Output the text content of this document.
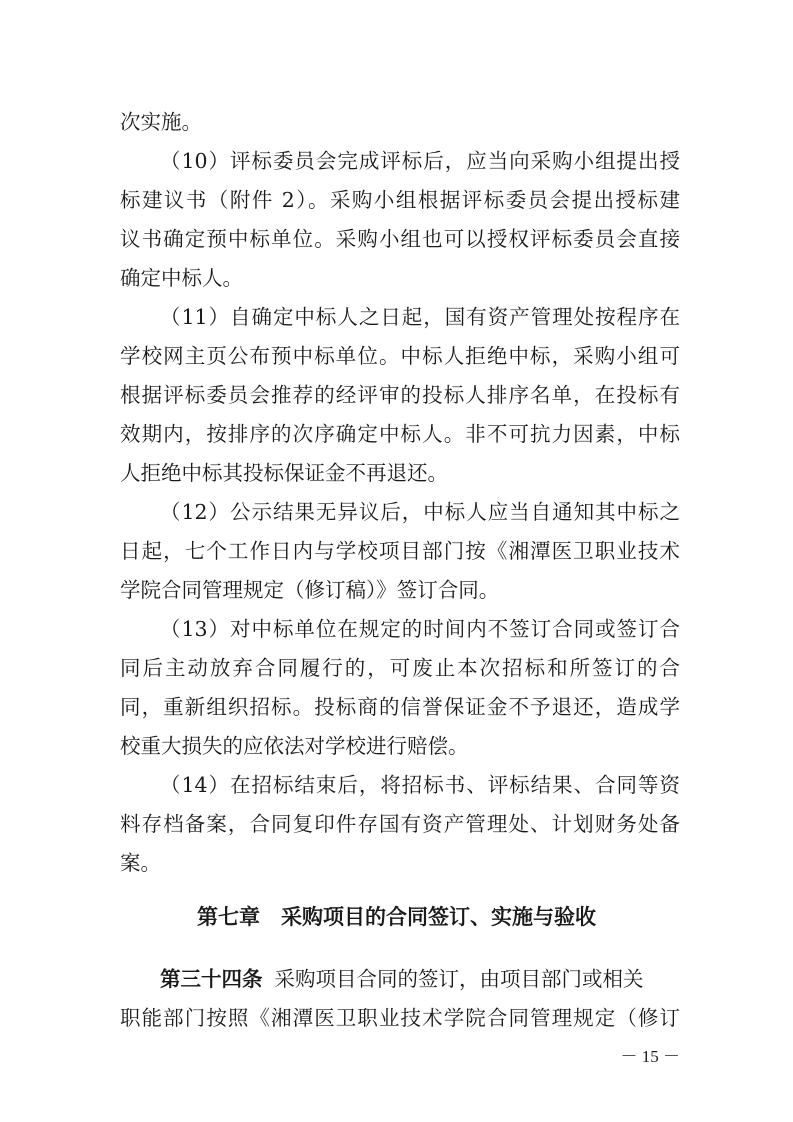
次实施。
（10）评标委员会完成评标后，应当向采购小组提出授
标建议书（附件 2）。采购小组根据评标委员会提出授标建
议书确定预中标单位。采购小组也可以授权评标委员会直接
确定中标人。
（11）自确定中标人之日起，国有资产管理处按程序在
学校网主页公布预中标单位。中标人拒绝中标，采购小组可
根据评标委员会推荐的经评审的投标人排序名单，在投标有
效期内，按排序的次序确定中标人。非不可抗力因素，中标
人拒绝中标其投标保证金不再退还。
（12）公示结果无异议后，中标人应当自通知其中标之
日起，七个工作日内与学校项目部门按《湘潭医卫职业技术
学院合同管理规定（修订稿）》签订合同。
（13）对中标单位在规定的时间内不签订合同或签订合
同后主动放弃合同履行的，可废止本次招标和所签订的合
同，重新组织招标。投标商的信誉保证金不予退还，造成学
校重大损失的应依法对学校进行赔偿。
（14）在招标结束后，将招标书、评标结果、合同等资
料存档备案，合同复印件存国有资产管理处、计划财务处备
案。
第七章　采购项目的合同签订、实施与验收
第三十四条 采购项目合同的签订，由项目部门或相关
职能部门按照《湘潭医卫职业技术学院合同管理规定（修订
－ 15 －
